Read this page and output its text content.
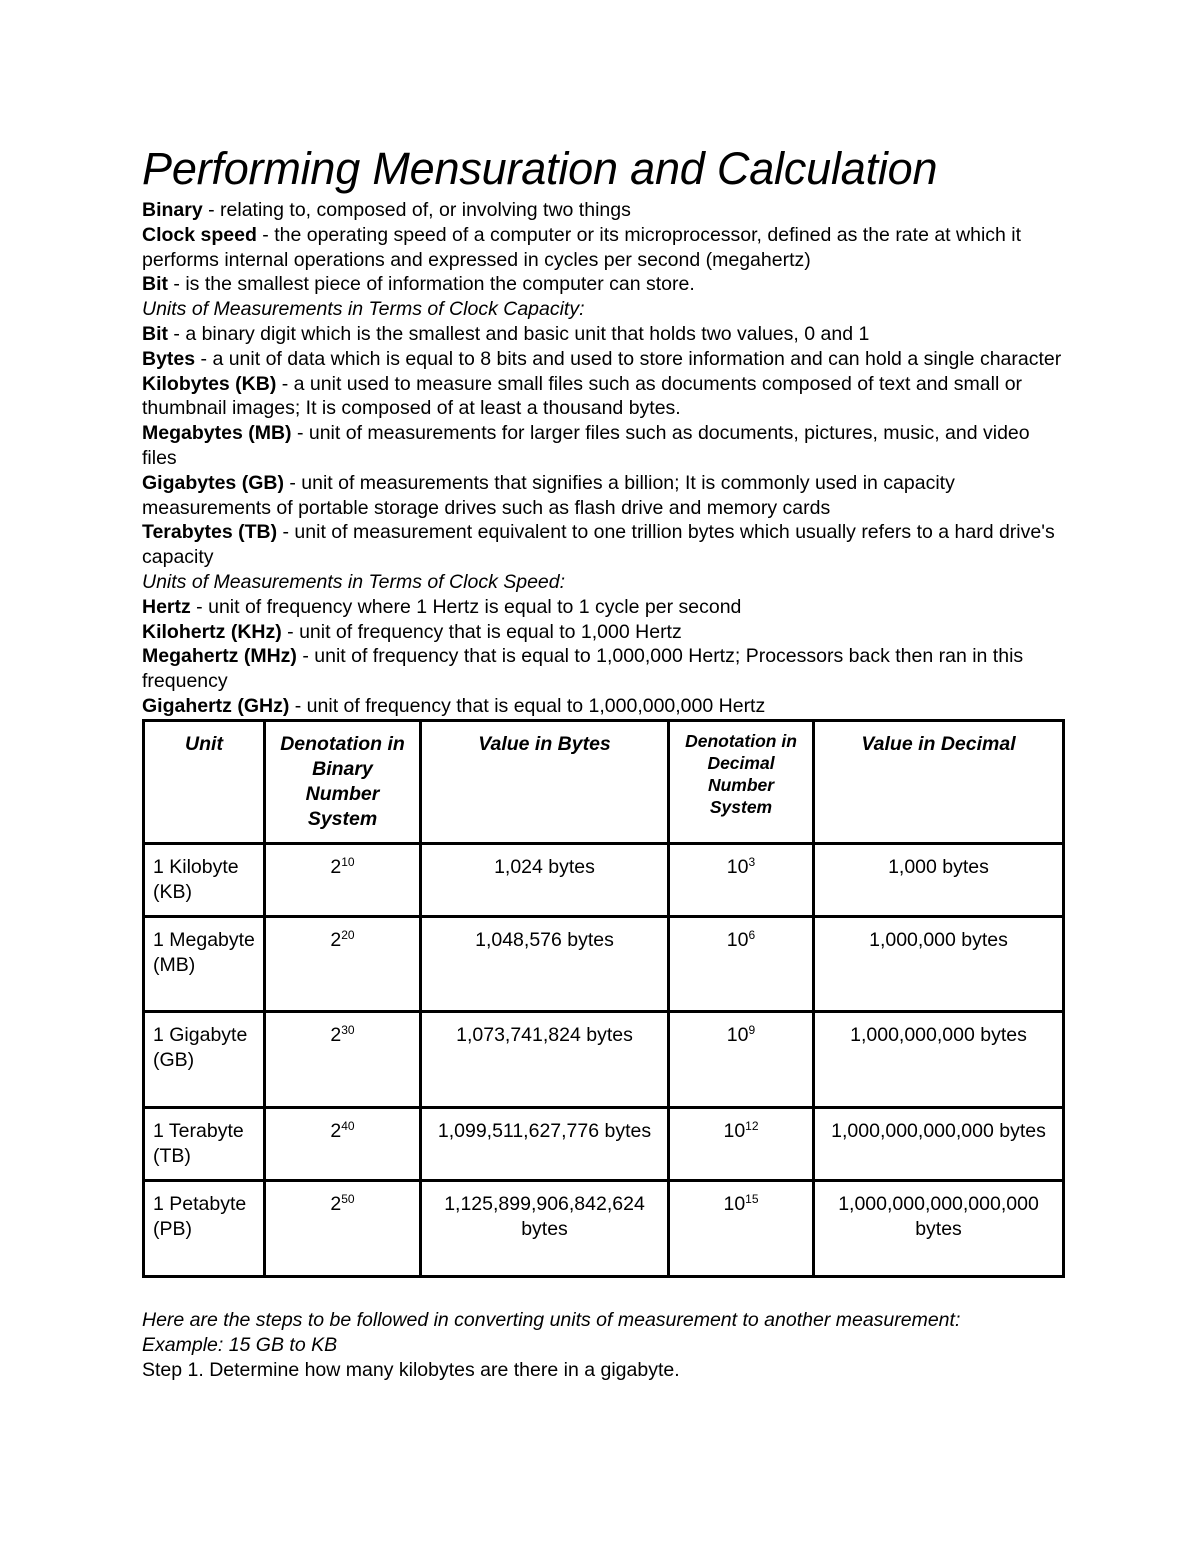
Performing Mensuration and Calculation

Binary - relating to, composed of, or involving two things

Clock speed - the operating speed of a computer or its microprocessor, defined as the rate at which it performs internal operations and expressed in cycles per second (megahertz)

Bit - is the smallest piece of information the computer can store.

Units of Measurements in Terms of Clock Capacity:

Bit - a binary digit which is the smallest and basic unit that holds two values, 0 and 1

Bytes - a unit of data which is equal to 8 bits and used to store information and can hold a single character

Kilobytes (KB) - a unit used to measure small files such as documents composed of text and small or thumbnail images; It is composed of at least a thousand bytes.

Megabytes (MB) - unit of measurements for larger files such as documents, pictures, music, and video files

Gigabytes (GB) - unit of measurements that signifies a billion; It is commonly used in capacity measurements of portable storage drives such as flash drive and memory cards

Terabytes (TB) - unit of measurement equivalent to one trillion bytes which usually refers to a hard drive's capacity

Units of Measurements in Terms of Clock Speed:

Hertz - unit of frequency where 1 Hertz is equal to 1 cycle per second

Kilohertz (KHz) - unit of frequency that is equal to 1,000 Hertz

Megahertz (MHz) - unit of frequency that is equal to 1,000,000 Hertz; Processors back then ran in this frequency

Gigahertz (GHz) - unit of frequency that is equal to 1,000,000,000 Hertz

Unit	Denotation in Binary Number System	Value in Bytes	Denotation in Decimal Number System	Value in Decimal
1 Kilobyte (KB)	$2^{10}$	1,024 bytes	$10^3$	1,000 bytes
1 Megabyte (MB)	$2^{20}$	1,048,576 bytes	$10^6$	1,000,000 bytes
1 Gigabyte (GB)	$2^{30}$	1,073,741,824 bytes	$10^9$	1,000,000,000 bytes
1 Terabyte (TB)	$2^{40}$	1,099,511,627,776 bytes	$10^{12}$	1,000,000,000,000 bytes
1 Petabyte (PB)	$2^{50}$	1,125,899,906,842,624 bytes	$10^{15}$	1,000,000,000,000,000 bytes

Here are the steps to be followed in converting units of measurement to another measurement:

Example: 15 GB to KB

Step 1. Determine how many kilobytes are there in a gigabyte.
